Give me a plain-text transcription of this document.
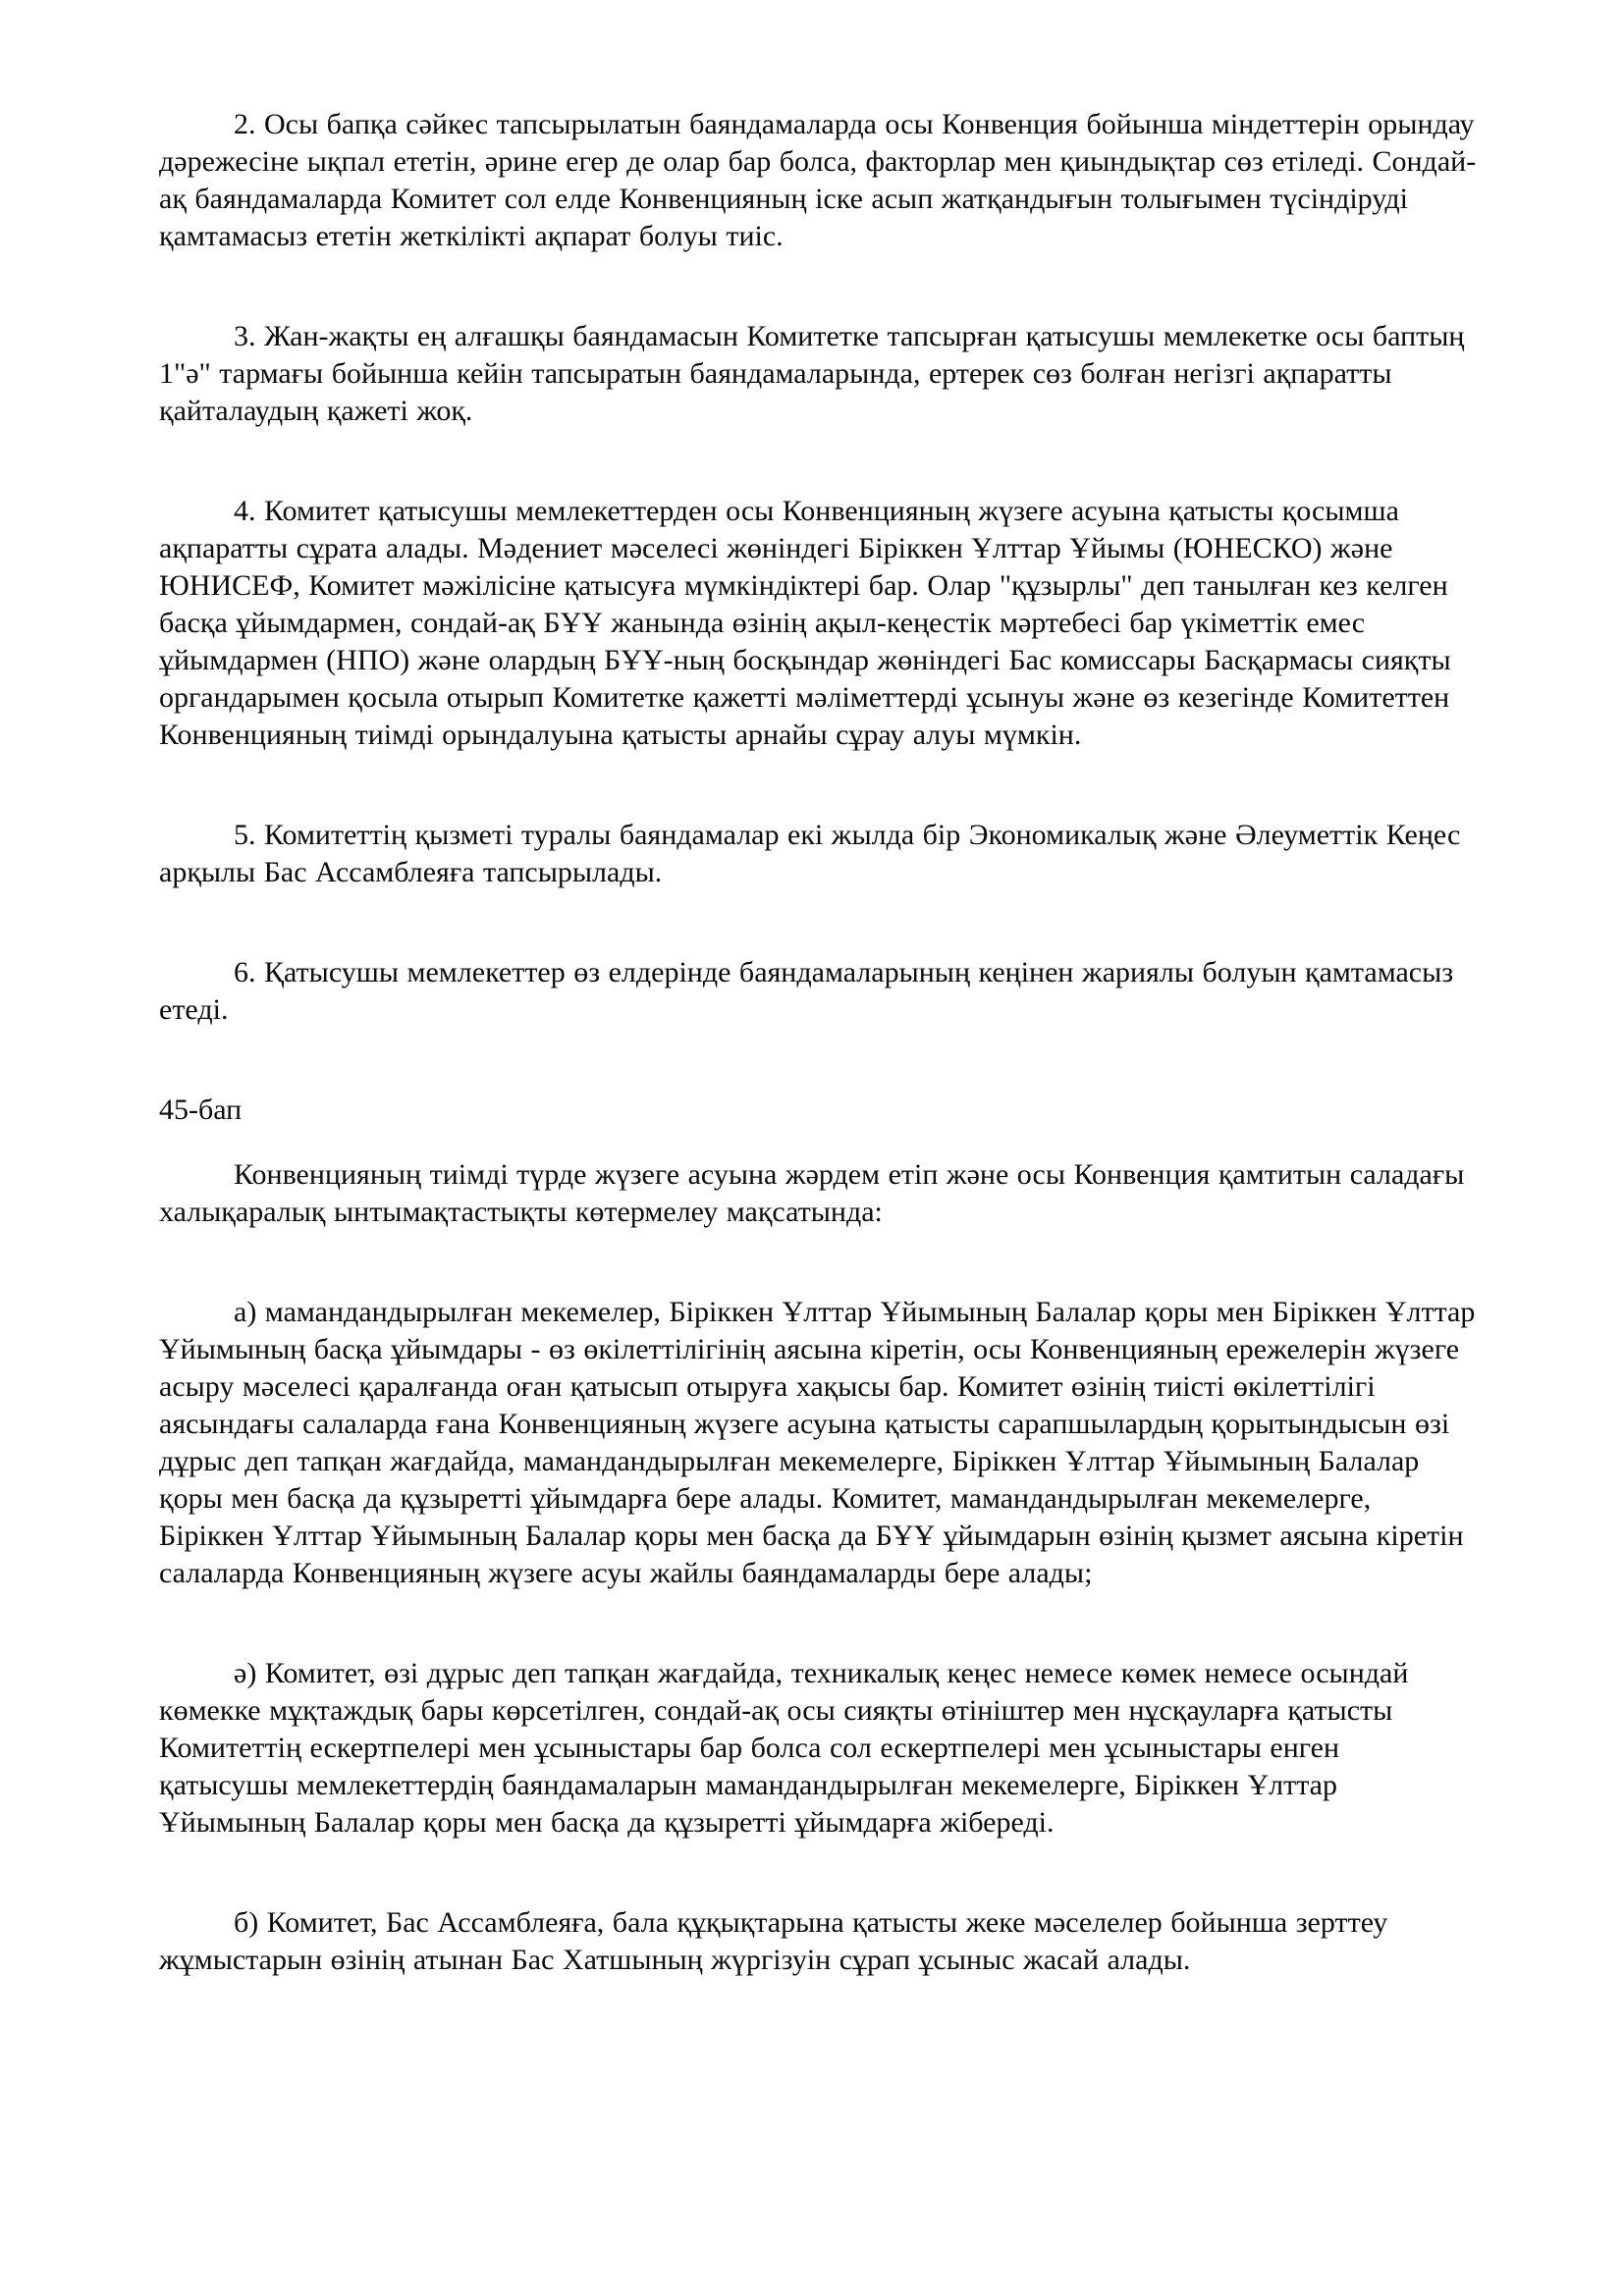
2. Осы бапқа сәйкес тапсырылатын баяндамаларда осы Конвенция бойынша міндеттерін орындау дәрежесіне ықпал ететін, әрине егер де олар бар болса, факторлар мен қиындықтар сөз етіледі. Сондай-ақ баяндамаларда Комитет сол елде Конвенцияның іске асып жатқандығын толығымен түсіндіруді қамтамасыз ететін жеткілікті ақпарат болуы тиіс.

3. Жан-жақты ең алғашқы баяндамасын Комитетке тапсырған қатысушы мемлекетке осы баптың 1"ә" тармағы бойынша кейін тапсыратын баяндамаларында, ертерек сөз болған негізгі ақпаратты қайталаудың қажеті жоқ.

4. Комитет қатысушы мемлекеттерден осы Конвенцияның жүзеге асуына қатысты қосымша ақпаратты сұрата алады. Мәдениет мәселесі жөніндегі Біріккен Ұлттар Ұйымы (ЮНЕСКО) және ЮНИСЕФ, Комитет мәжілісіне қатысуға мүмкіндіктері бар. Олар "құзырлы" деп танылған кез келген басқа ұйымдармен, сондай-ақ БҰҰ жанында өзінің ақыл-кеңестік мәртебесі бар үкіметтік емес ұйымдармен (НПО) және олардың БҰҰ-ның босқындар жөніндегі Бас комиссары Басқармасы сияқты органдарымен қосыла отырып Комитетке қажетті мәліметтерді ұсынуы және өз кезегінде Комитеттен Конвенцияның тиімді орындалуына қатысты арнайы сұрау алуы мүмкін.

5. Комитеттің қызметі туралы баяндамалар екі жылда бір Экономикалық және Әлеуметтік Кеңес арқылы Бас Ассамблеяға тапсырылады.

6. Қатысушы мемлекеттер өз елдерінде баяндамаларының кеңінен жариялы болуын қамтамасыз етеді.

45-бап

Конвенцияның тиімді түрде жүзеге асуына жәрдем етіп және осы Конвенция қамтитын саладағы халықаралық ынтымақтастықты көтермелеу мақсатында:

а) мамандандырылған мекемелер, Біріккен Ұлттар Ұйымының Балалар қоры мен Біріккен Ұлттар Ұйымының басқа ұйымдары - өз өкілеттілігінің аясына кіретін, осы Конвенцияның ережелерін жүзеге асыру мәселесі қаралғанда оған қатысып отыруға хақысы бар. Комитет өзінің тиісті өкілеттілігі аясындағы салаларда ғана Конвенцияның жүзеге асуына қатысты сарапшылардың қорытындысын өзі дұрыс деп тапқан жағдайда, мамандандырылған мекемелерге, Біріккен Ұлттар Ұйымының Балалар қоры мен басқа да құзыретті ұйымдарға бере алады. Комитет, мамандандырылған мекемелерге, Біріккен Ұлттар Ұйымының Балалар қоры мен басқа да БҰҰ ұйымдарын өзінің қызмет аясына кіретін салаларда Конвенцияның жүзеге асуы жайлы баяндамаларды бере алады;

ә) Комитет, өзі дұрыс деп тапқан жағдайда, техникалық кеңес немесе көмек немесе осындай көмекке мұқтаждық бары көрсетілген, сондай-ақ осы сияқты өтініштер мен нұсқауларға қатысты Комитеттің ескертпелері мен ұсыныстары бар болса сол ескертпелері мен ұсыныстары енген қатысушы мемлекеттердің баяндамаларын мамандандырылған мекемелерге, Біріккен Ұлттар Ұйымының Балалар қоры мен басқа да құзыретті ұйымдарға жібереді.

б) Комитет, Бас Ассамблеяға, бала құқықтарына қатысты жеке мәселелер бойынша зерттеу жұмыстарын өзінің атынан Бас Хатшының жүргізуін сұрап ұсыныс жасай алады.
